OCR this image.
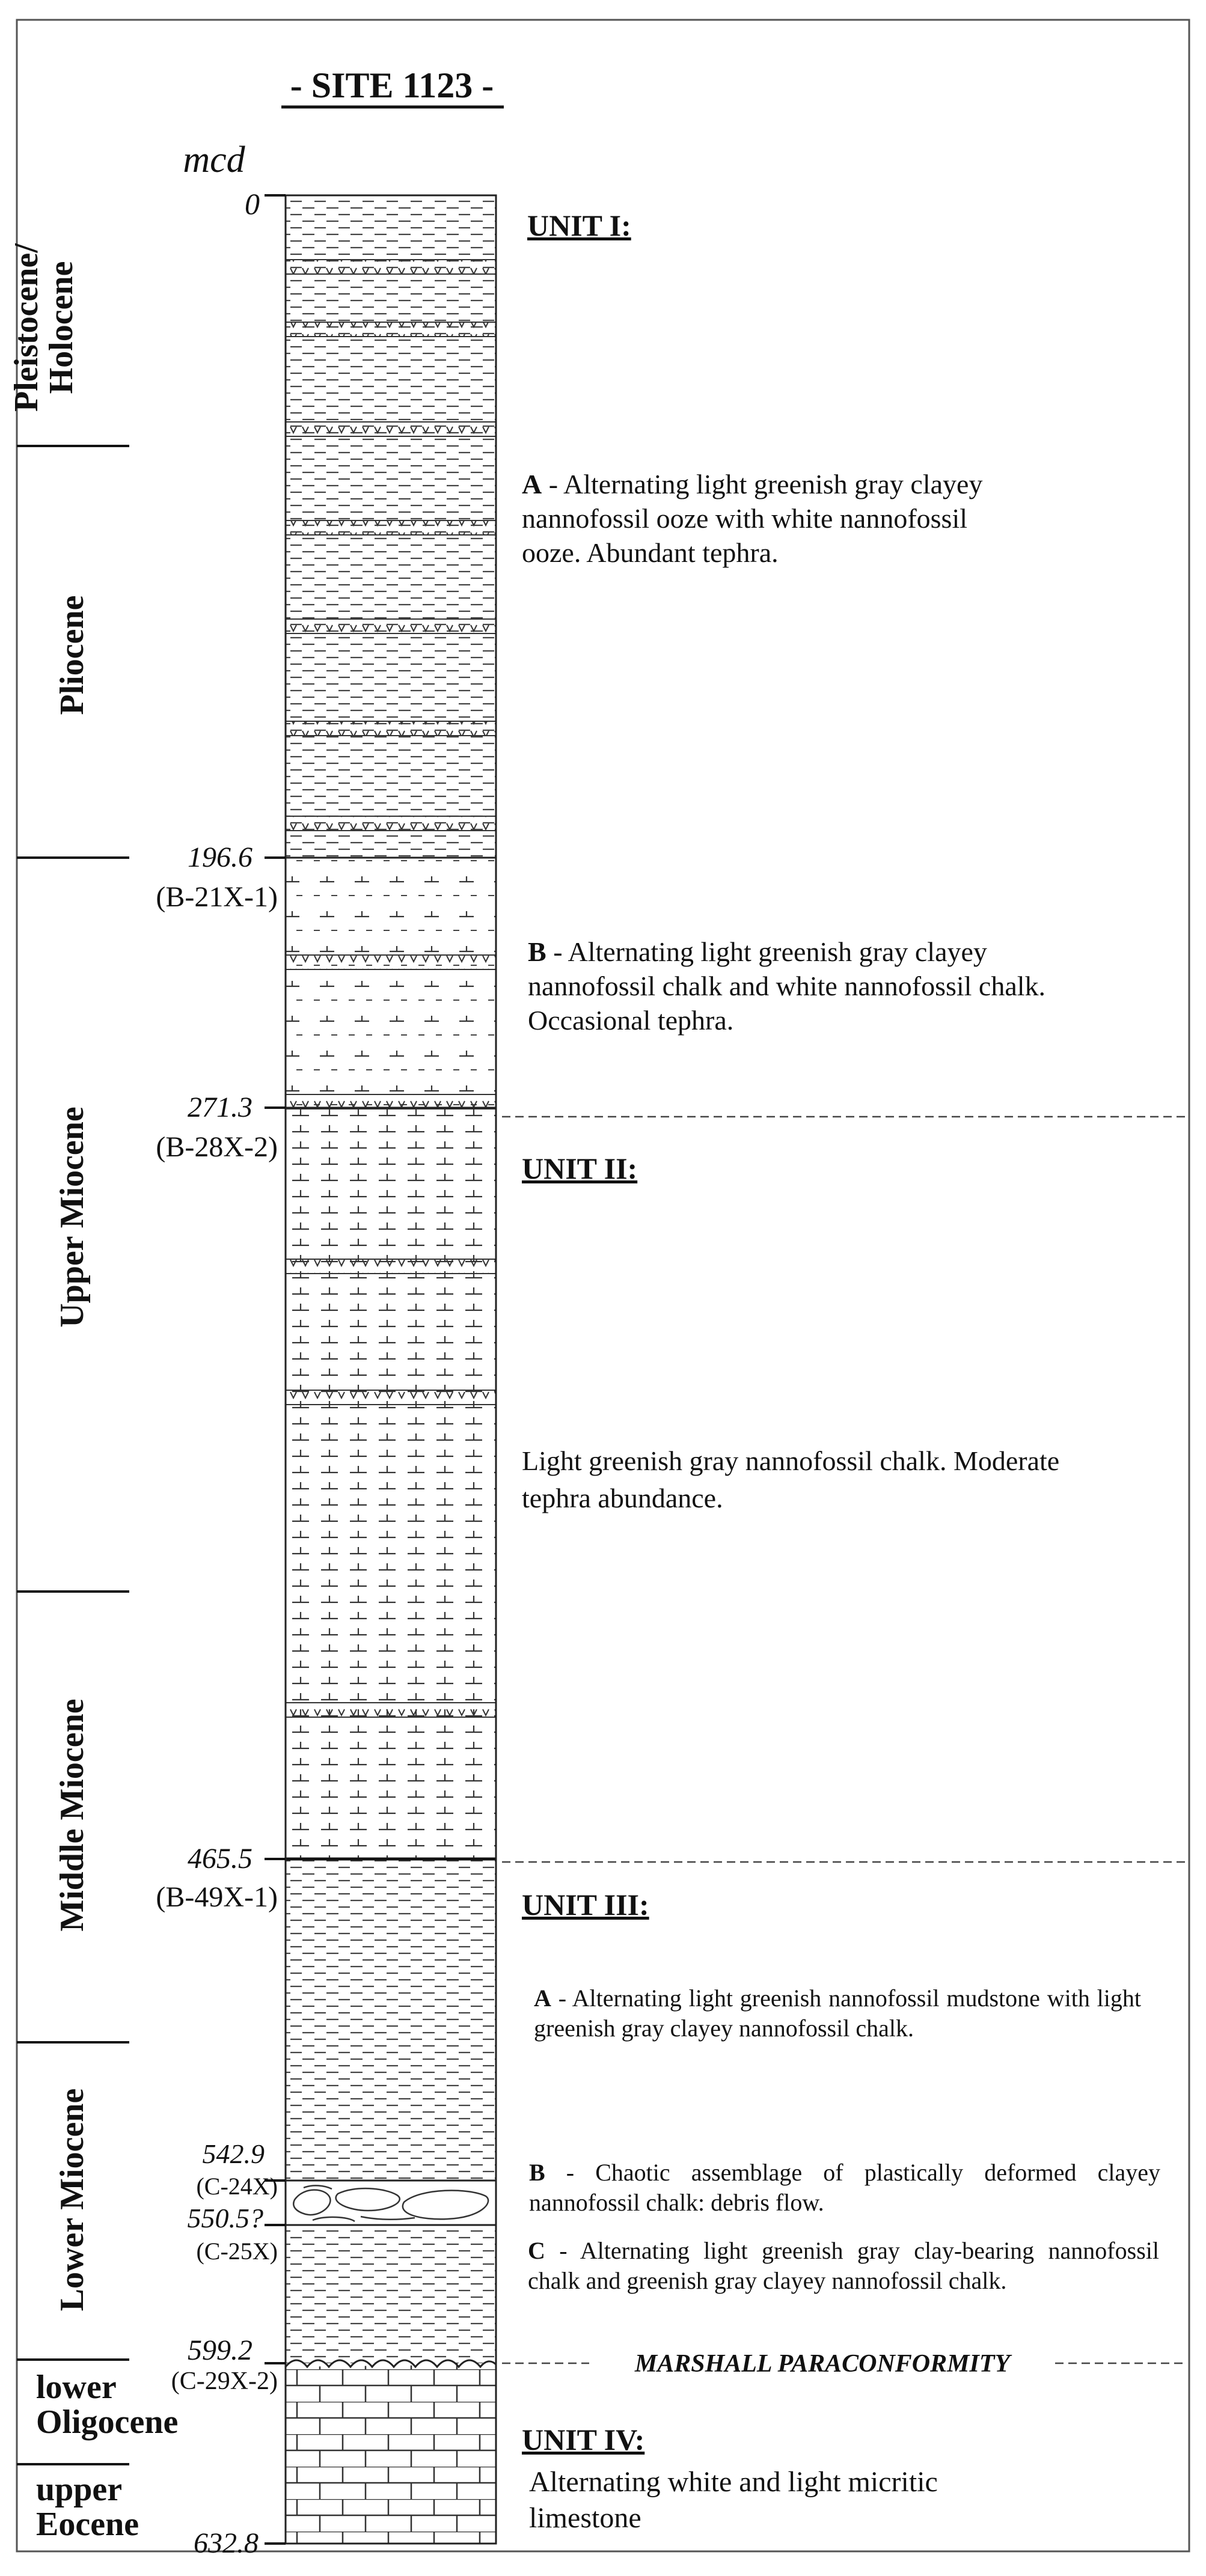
- SITE 1123 -
mcd
0
196.6
(B-21X-1)
271.3
(B-28X-2)
465.5
(B-49X-1)
542.9
(C-24X)
550.5?
(C-25X)
599.2
(C-29X-2)
632.8
Pleistocene/Holocene
Pliocene
Upper Miocene
Middle Miocene
Lower Miocene
lower Oligocene
upper Eocene
MARSHALL PARACONFORMITY
UNIT I:
A - Alternating light greenish gray clayey nannofossil ooze with white nannofossil ooze. Abundant tephra.
B - Alternating light greenish gray clayey nannofossil chalk and white nannofossil chalk. Occasional tephra.
UNIT II:
Light greenish gray nannofossil chalk. Moderate tephra abundance.
UNIT III:
A - Alternating light greenish nannofossil mudstone with light greenish gray clayey nannofossil chalk.
B - Chaotic assemblage of plastically deformed clayey nannofossil chalk: debris flow.
C - Alternating light greenish gray clay-bearing nannofossil chalk and greenish gray clayey nannofossil chalk.
UNIT IV:
Alternating white and light micritic limestone
